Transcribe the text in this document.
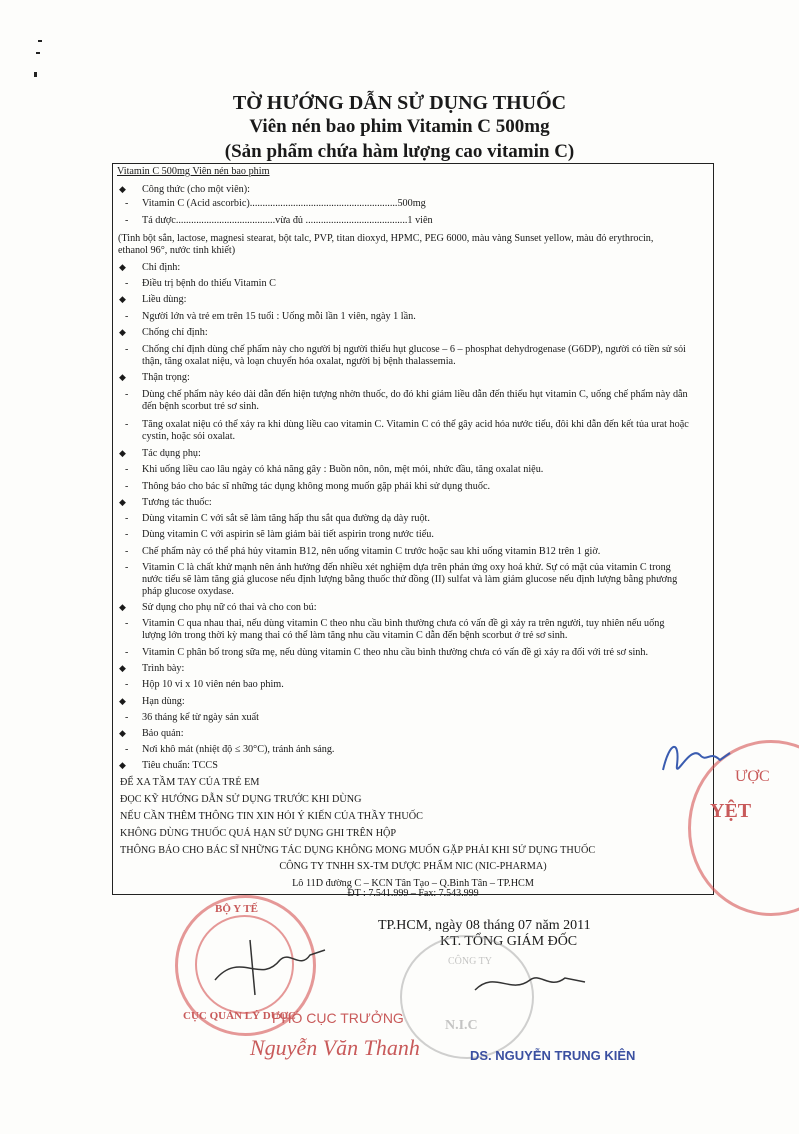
TỜ HƯỚNG DẪN SỬ DỤNG THUỐC
Viên nén bao phim Vitamin C 500mg
(Sản phẩm chứa hàm lượng cao vitamin C)
Vitamin C 500mg Viên nén bao phim
◆ Công thức (cho một viên):
- Vitamin C (Acid ascorbic)..........................................................500mg
- Tá dược.......................................vừa đủ ........................................1 viên
(Tinh bột sắn, lactose, magnesi stearat, bột talc, PVP, titan dioxyd, HPMC, PEG 6000, màu vàng Sunset yellow, màu đỏ erythrocin,
ethanol 96°, nước tinh khiết)
◆ Chỉ định:
- Điều trị bệnh do thiếu Vitamin C
◆ Liều dùng:
- Người lớn và trẻ em trên 15 tuổi : Uống mỗi lần 1 viên, ngày 1 lần.
◆ Chống chỉ định:
- Chống chỉ định dùng chế phẩm này cho người bị người thiếu hụt glucose – 6 – phosphat dehydrogenase (G6DP), người có tiền sử sỏi
thận, tăng oxalat niệu, và loạn chuyển hóa oxalat, người bị bệnh thalassemia.
◆ Thận trọng:
- Dùng chế phẩm này kéo dài dẫn đến hiện tượng nhờn thuốc, do đó khi giảm liều dẫn đến thiếu hụt vitamin C, uống chế phẩm này dẫn
đến bệnh scorbut trẻ sơ sinh.
- Tăng oxalat niệu có thể xảy ra khi dùng liều cao vitamin C. Vitamin C có thể gây acid hóa nước tiểu, đôi khi dẫn đến kết tủa urat hoặc
cystin, hoặc sỏi oxalat.
◆ Tác dụng phụ:
- Khi uống liều cao lâu ngày có khả năng gây : Buồn nôn, nôn, mệt mỏi, nhức đầu, tăng oxalat niệu.
- Thông báo cho bác sĩ những tác dụng không mong muốn gặp phải khi sử dụng thuốc.
◆ Tương tác thuốc:
- Dùng vitamin C với sắt sẽ làm tăng hấp thu sắt qua đường dạ dày ruột.
- Dùng vitamin C với aspirin sẽ làm giảm bài tiết aspirin trong nước tiểu.
- Chế phẩm này có thể phá hủy vitamin B12, nên uống vitamin C trước hoặc sau khi uống vitamin B12 trên 1 giờ.
- Vitamin C là chất khử mạnh nên ảnh hưởng đến nhiều xét nghiệm dựa trên phản ứng oxy hoá khử. Sự có mặt của vitamin C trong
nước tiểu sẽ làm tăng giả glucose nếu định lượng bằng thuốc thử đồng (II) sulfat và làm giảm glucose nếu định lượng bằng phương
pháp glucose oxydase.
◆ Sử dụng cho phụ nữ có thai và cho con bú:
- Vitamin C qua nhau thai, nếu dùng vitamin C theo nhu cầu bình thường chưa có vấn đề gì xảy ra trên người, tuy nhiên nếu uống
lượng lớn trong thời kỳ mang thai có thể làm tăng nhu cầu vitamin C dẫn đến bệnh scorbut ở trẻ sơ sinh.
- Vitamin C phân bố trong sữa mẹ, nếu dùng vitamin C theo nhu cầu bình thường chưa có vấn đề gì xảy ra đối với trẻ sơ sinh.
◆ Trình bày:
- Hộp 10 vỉ x 10 viên nén bao phim.
◆ Hạn dùng:
- 36 tháng kể từ ngày sản xuất
◆ Bảo quản:
- Nơi khô mát (nhiệt độ ≤ 30°C), tránh ánh sáng.
◆ Tiêu chuẩn: TCCS
ĐỂ XA TẦM TAY CỦA TRẺ EM
ĐỌC KỸ HƯỚNG DẪN SỬ DỤNG TRƯỚC KHI DÙNG
NẾU CẦN THÊM THÔNG TIN XIN HỎI Ý KIẾN CỦA THẦY THUỐC
KHÔNG DÙNG THUỐC QUÁ HẠN SỬ DỤNG GHI TRÊN HỘP
THÔNG BÁO CHO BÁC SĨ NHỮNG TÁC DỤNG KHÔNG MONG MUỐN GẶP PHẢI KHI SỬ DỤNG THUỐC
CÔNG TY TNHH SX-TM DƯỢC PHẨM NIC (NIC-PHARMA)
Lô 11D đường C – KCN Tân Tạo – Q.Bình Tân – TP.HCM
ĐT : 7.541.999 – Fax: 7.543.999
ƯỢC
YỆT
TP.HCM, ngày 08 tháng 07 năm 2011
KT. TỔNG GIÁM ĐỐC
BỘ Y TẾ
CỤC QUẢN LÝ DƯỢC
CÔNG TY
N.I.C
PHÓ CỤC TRƯỞNG
Nguyễn Văn Thanh	DS. NGUYỄN TRUNG KIÊN
